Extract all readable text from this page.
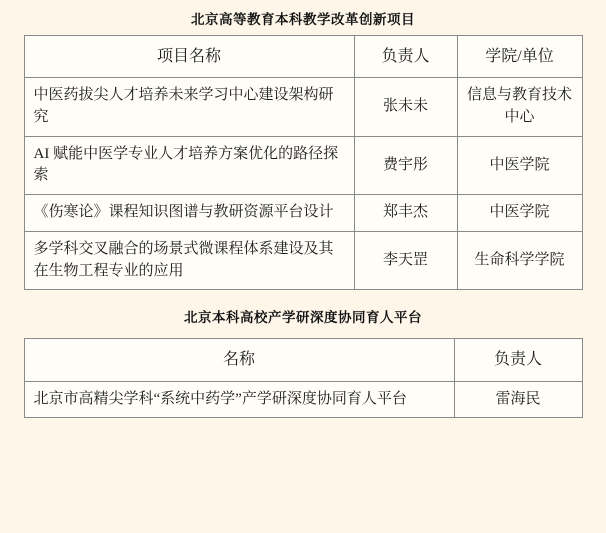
北京高等教育本科教学改革创新项目
项目名称	负责人	学院/单位
中医药拔尖人才培养未来学习中心建设架构研究	张未未	信息与教育技术中心
AI 赋能中医学专业人才培养方案优化的路径探索	费宇彤	中医学院
《伤寒论》课程知识图谱与教研资源平台设计	郑丰杰	中医学院
多学科交叉融合的场景式微课程体系建设及其在生物工程专业的应用	李天罡	生命科学学院
北京本科高校产学研深度协同育人平台
名称	负责人
北京市高精尖学科“系统中药学”产学研深度协同育人平台	雷海民
